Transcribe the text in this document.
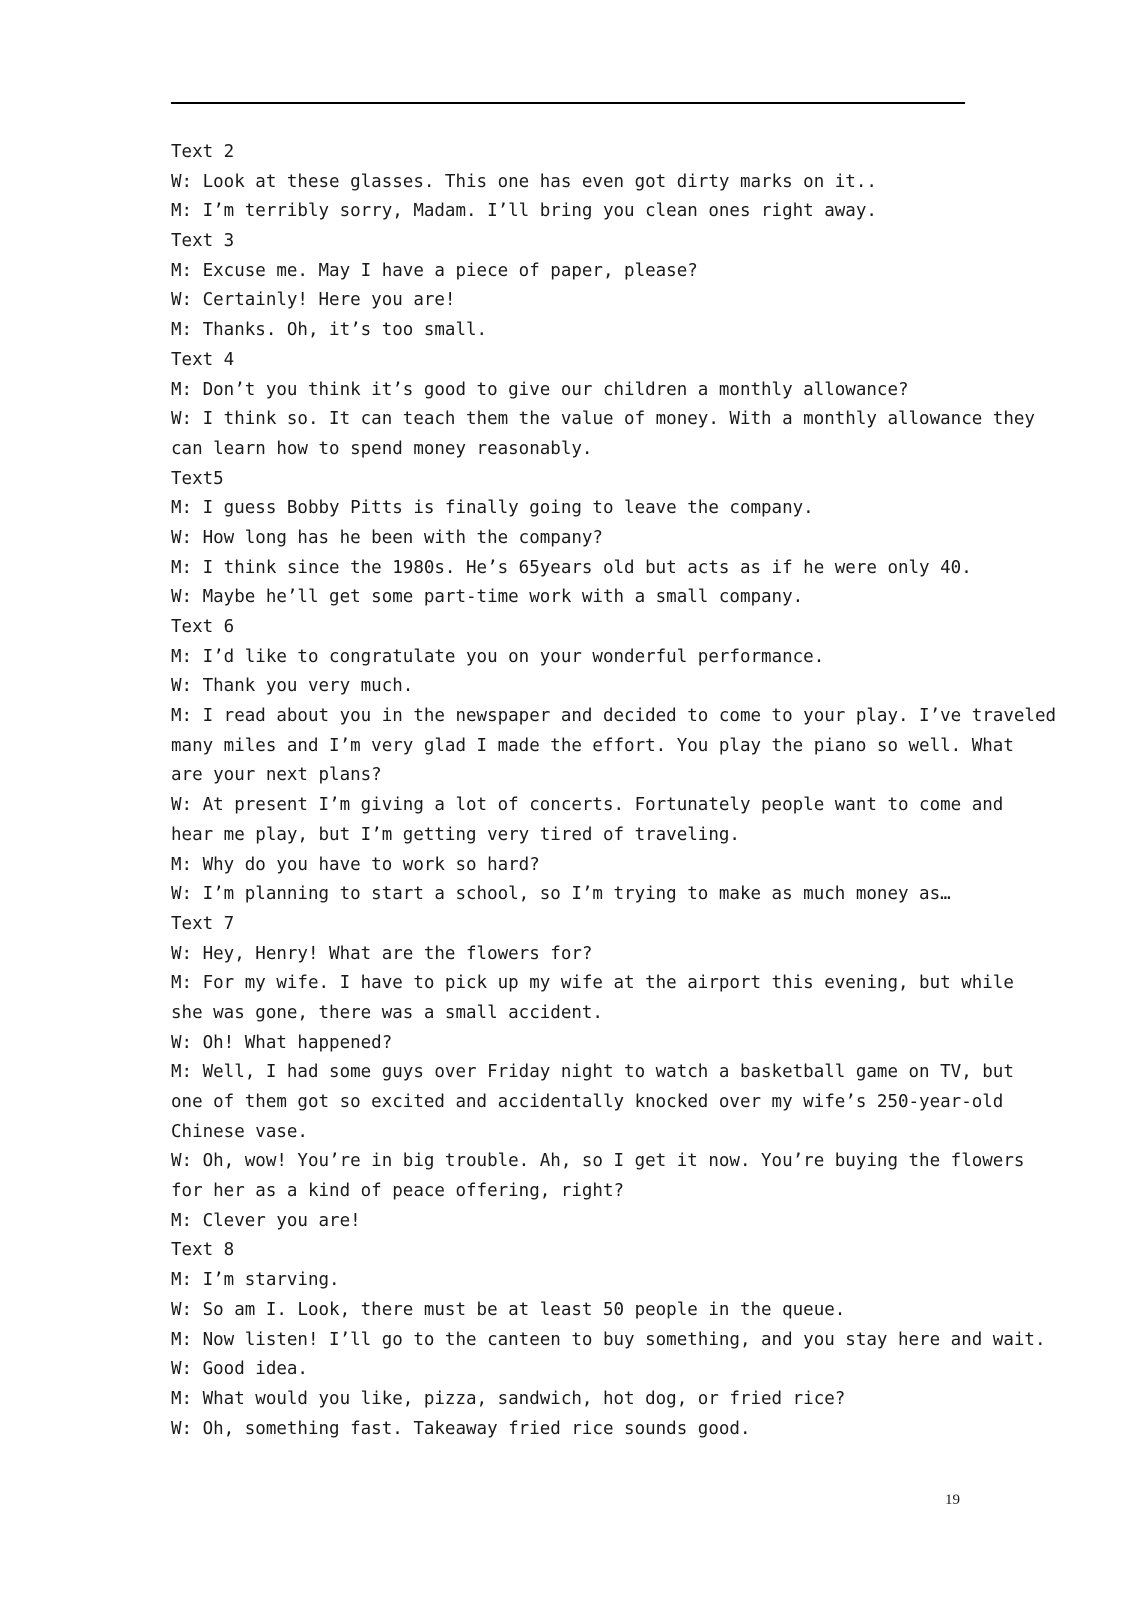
Text 2
W: Look at these glasses. This one has even got dirty marks on it..
M: I’m terribly sorry, Madam. I’ll bring you clean ones right away.
Text 3
M: Excuse me. May I have a piece of paper, please?
W: Certainly! Here you are!
M: Thanks. Oh, it’s too small.
Text 4
M: Don’t you think it’s good to give our children a monthly allowance?
W: I think so. It can teach them the value of money. With a monthly allowance they
can learn how to spend money reasonably.
Text5
M: I guess Bobby Pitts is finally going to leave the company.
W: How long has he been with the company?
M: I think since the 1980s. He’s 65years old but acts as if he were only 40.
W: Maybe he’ll get some part-time work with a small company.
Text 6
M: I’d like to congratulate you on your wonderful performance.
W: Thank you very much.
M: I read about you in the newspaper and decided to come to your play. I’ve traveled
many miles and I’m very glad I made the effort. You play the piano so well. What
are your next plans?
W: At present I’m giving a lot of concerts. Fortunately people want to come and
hear me play, but I’m getting very tired of traveling.
M: Why do you have to work so hard?
W: I’m planning to start a school, so I’m trying to make as much money as…
Text 7
W: Hey, Henry! What are the flowers for?
M: For my wife. I have to pick up my wife at the airport this evening, but while
she was gone, there was a small accident.
W: Oh! What happened?
M: Well, I had some guys over Friday night to watch a basketball game on TV, but
one of them got so excited and accidentally knocked over my wife’s 250-year-old
Chinese vase.
W: Oh, wow! You’re in big trouble. Ah, so I get it now. You’re buying the flowers
for her as a kind of peace offering, right?
M: Clever you are!
Text 8
M: I’m starving.
W: So am I. Look, there must be at least 50 people in the queue.
M: Now listen! I’ll go to the canteen to buy something, and you stay here and wait.
W: Good idea.
M: What would you like, pizza, sandwich, hot dog, or fried rice?
W: Oh, something fast. Takeaway fried rice sounds good.
19
